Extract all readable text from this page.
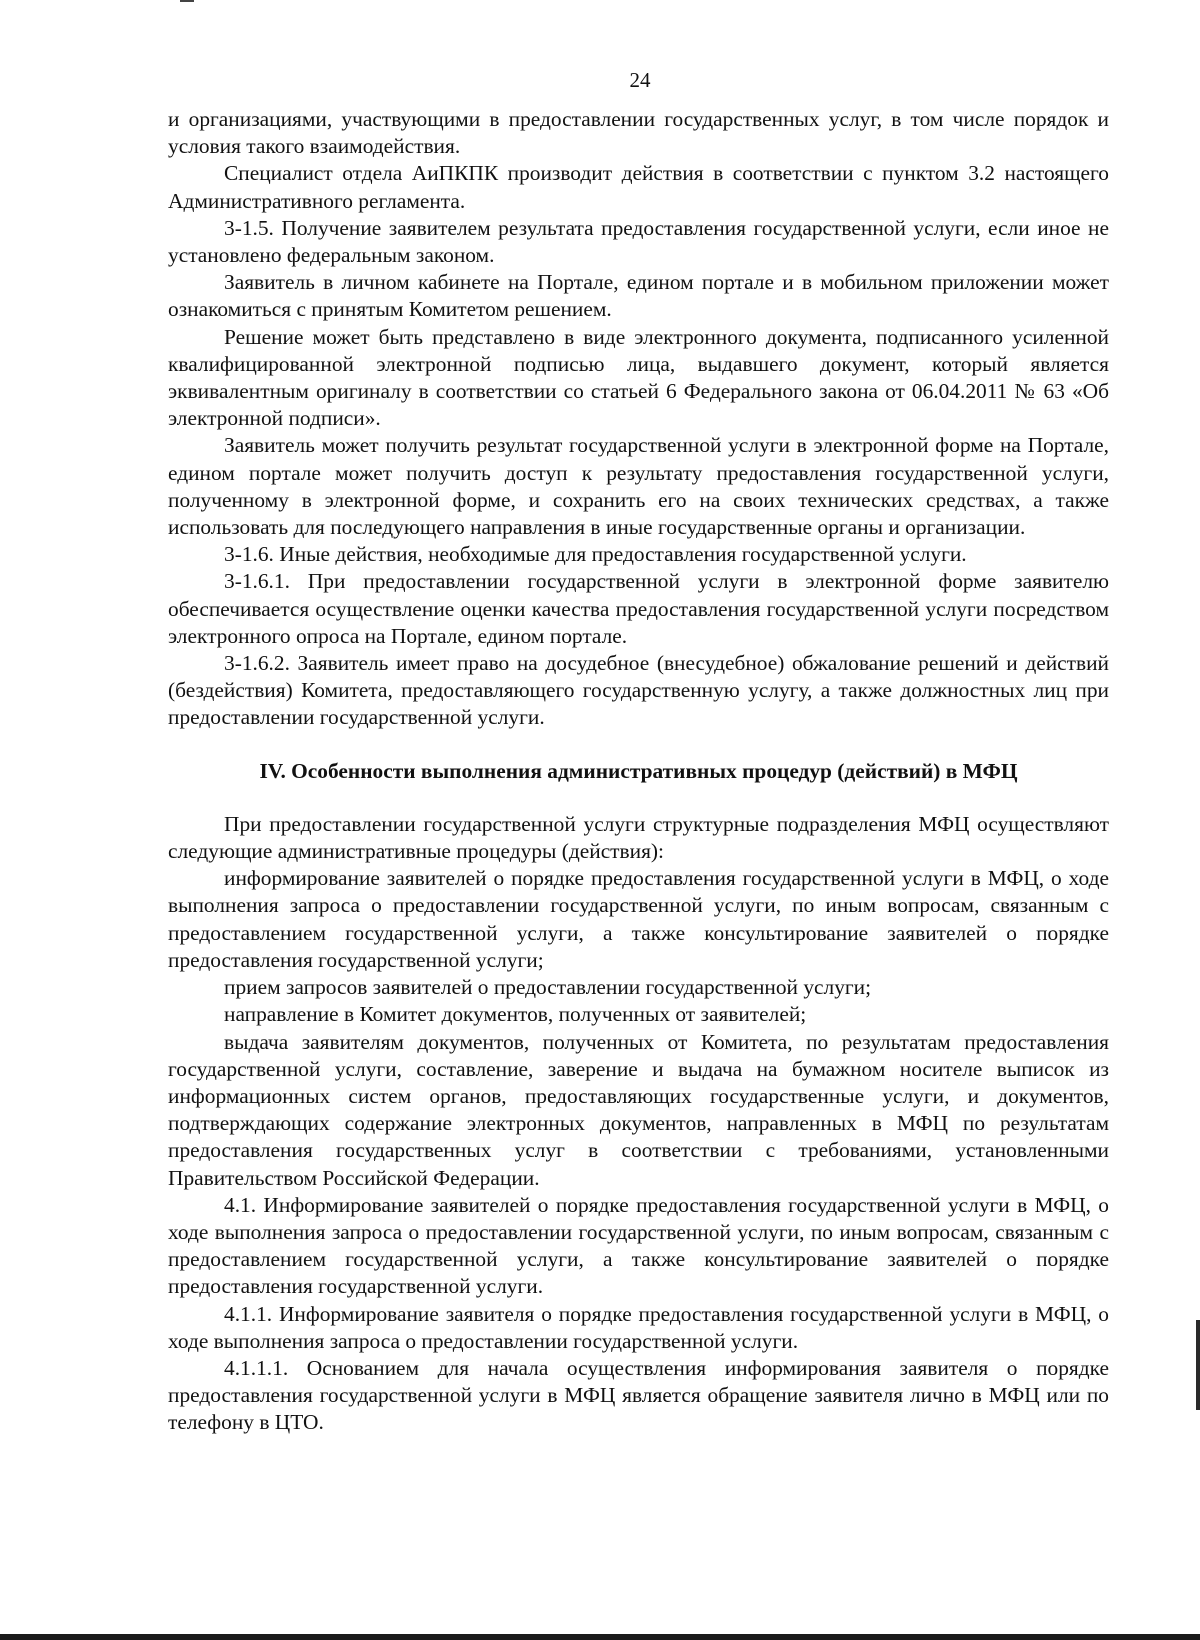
24

и организациями, участвующими в предоставлении государственных услуг, в том числе порядок и условия такого взаимодействия.

Специалист отдела АиПКПК производит действия в соответствии с пунктом 3.2 настоящего Административного регламента.

3-1.5. Получение заявителем результата предоставления государственной услуги, если иное не установлено федеральным законом.

Заявитель в личном кабинете на Портале, едином портале и в мобильном приложении может ознакомиться с принятым Комитетом решением.

Решение может быть представлено в виде электронного документа, подписанного усиленной квалифицированной электронной подписью лица, выдавшего документ, который является эквивалентным оригиналу в соответствии со статьей 6 Федерального закона от 06.04.2011 № 63 «Об электронной подписи».

Заявитель может получить результат государственной услуги в электронной форме на Портале, едином портале может получить доступ к результату предоставления государственной услуги, полученному в электронной форме, и сохранить его на своих технических средствах, а также использовать для последующего направления в иные государственные органы и организации.

3-1.6. Иные действия, необходимые для предоставления государственной услуги.

3-1.6.1. При предоставлении государственной услуги в электронной форме заявителю обеспечивается осуществление оценки качества предоставления государственной услуги посредством электронного опроса на Портале, едином портале.

3-1.6.2. Заявитель имеет право на досудебное (внесудебное) обжалование решений и действий (бездействия) Комитета, предоставляющего государственную услугу, а также должностных лиц при предоставлении государственной услуги.

IV. Особенности выполнения административных процедур (действий) в МФЦ

При предоставлении государственной услуги структурные подразделения МФЦ осуществляют следующие административные процедуры (действия):

информирование заявителей о порядке предоставления государственной услуги в МФЦ, о ходе выполнения запроса о предоставлении государственной услуги, по иным вопросам, связанным с предоставлением государственной услуги, а также консультирование заявителей о порядке предоставления государственной услуги;

прием запросов заявителей о предоставлении государственной услуги;

направление в Комитет документов, полученных от заявителей;

выдача заявителям документов, полученных от Комитета, по результатам предоставления государственной услуги, составление, заверение и выдача на бумажном носителе выписок из информационных систем органов, предоставляющих государственные услуги, и документов, подтверждающих содержание электронных документов, направленных в МФЦ по результатам предоставления государственных услуг в соответствии с требованиями, установленными Правительством Российской Федерации.

4.1. Информирование заявителей о порядке предоставления государственной услуги в МФЦ, о ходе выполнения запроса о предоставлении государственной услуги, по иным вопросам, связанным с предоставлением государственной услуги, а также консультирование заявителей о порядке предоставления государственной услуги.

4.1.1. Информирование заявителя о порядке предоставления государственной услуги в МФЦ, о ходе выполнения запроса о предоставлении государственной услуги.

4.1.1.1. Основанием для начала осуществления информирования заявителя о порядке предоставления государственной услуги в МФЦ является обращение заявителя лично в МФЦ или по телефону в ЦТО.
